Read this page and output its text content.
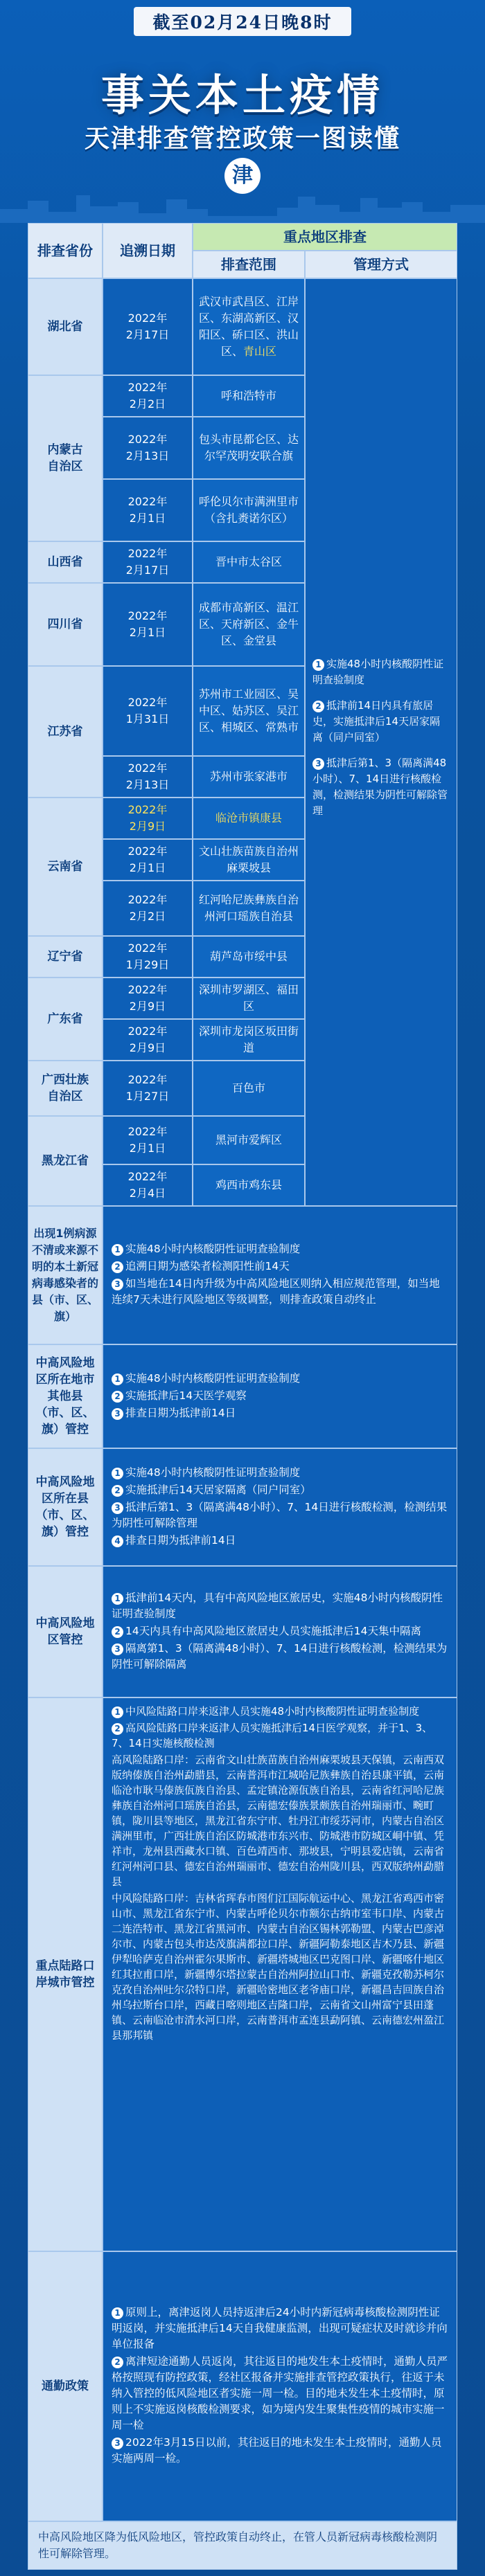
截至02月24日晚8时
事关本土疫情
天津排查管控政策一图读懂
津
排查省份	追溯日期
重点地区排查
排查范围	管理方式
湖北省
内蒙古
自治区
山西省
四川省
江苏省
云南省
辽宁省
广东省
广西壮族
自治区
黑龙江省
2022年
2月17日
2022年
2月2日
2022年
2月13日
2022年
2月1日
2022年
2月17日
2022年
2月1日
2022年
1月31日
2022年
2月13日
2022年
2月9日
2022年
2月1日
2022年
2月2日
2022年
1月29日
2022年
2月9日
2022年
2月9日
2022年
1月27日
2022年
2月1日
2022年
2月4日
武汉市武昌区、江岸区、东湖高新区、汉阳区、硚口区、洪山区、青山区
呼和浩特市
包头市昆都仑区、达尔罕茂明安联合旗
呼伦贝尔市满洲里市（含扎赉诺尔区）
晋中市太谷区
成都市高新区、温江区、天府新区、金牛区、金堂县
苏州市工业园区、吴中区、姑苏区、吴江区、相城区、常熟市
苏州市张家港市
临沧市镇康县
文山壮族苗族自治州麻栗坡县
红河哈尼族彝族自治州河口瑶族自治县
葫芦岛市绥中县
深圳市罗湖区、福田区
深圳市龙岗区坂田街道
百色市
黑河市爱辉区
鸡西市鸡东县
1 实施48小时内核酸阴性证明查验制度
2 抵津前14日内具有旅居史，实施抵津后14天居家隔离（同户同室）
3 抵津后第1、3（隔离满48小时）、7、14日进行核酸检测，检测结果为阴性可解除管理
出现1例病源不清或来源不明的本土新冠病毒感染者的县（市、区、旗）
1 实施48小时内核酸阴性证明查验制度
2 追溯日期为感染者检测阳性前14天
3 如当地在14日内升级为中高风险地区则纳入相应规范管理，如当地连续7天未进行风险地区等级调整，则排查政策自动终止
中高风险地区所在地市其他县（市、区、旗）管控
1 实施48小时内核酸阴性证明查验制度
2 实施抵津后14天医学观察
3 排查日期为抵津前14日
中高风险地区所在县（市、区、旗）管控
1 实施48小时内核酸阴性证明查验制度
2 实施抵津后14天居家隔离（同户同室）
3 抵津后第1、3（隔离满48小时）、7、14日进行核酸检测，检测结果为阴性可解除管理
4 排查日期为抵津前14日
中高风险地区管控
1 抵津前14天内，具有中高风险地区旅居史，实施48小时内核酸阴性证明查验制度
2 14天内具有中高风险地区旅居史人员实施抵津后14天集中隔离
3 隔离第1、3（隔离满48小时）、7、14日进行核酸检测，检测结果为阴性可解除隔离
重点陆路口岸城市管控
1 中风险陆路口岸来返津人员实施48小时内核酸阴性证明查验制度
2 高风险陆路口岸来返津人员实施抵津后14日医学观察，并于1、3、7、14日实施核酸检测
高风险陆路口岸：云南省文山壮族苗族自治州麻栗坡县天保镇，云南西双版纳傣族自治州勐腊县，云南普洱市江城哈尼族彝族自治县康平镇，云南临沧市耿马傣族佤族自治县、孟定镇沧源佤族自治县，云南省红河哈尼族彝族自治州河口瑶族自治县，云南德宏傣族景颇族自治州瑞丽市、畹町镇，陇川县等地区，黑龙江省东宁市、牡丹江市绥芬河市，内蒙古自治区满洲里市，广西壮族自治区防城港市东兴市、防城港市防城区峒中镇、凭祥市，龙州县西藏水口镇、百色靖西市、那坡县，宁明县爱店镇，云南省红河州河口县、德宏自治州瑞丽市、德宏自治州陇川县，西双版纳州勐腊县
中风险陆路口岸：吉林省珲春市图们江国际航运中心、黑龙江省鸡西市密山市、黑龙江省东宁市、内蒙古呼伦贝尔市额尔古纳市室韦口岸、内蒙古二连浩特市、黑龙江省黑河市、内蒙古自治区锡林郭勒盟、内蒙古巴彦淖尔市、内蒙古包头市达茂旗满都拉口岸、新疆阿勒泰地区吉木乃县、新疆伊犁哈萨克自治州霍尔果斯市、新疆塔城地区巴克图口岸、新疆喀什地区红其拉甫口岸，新疆博尔塔拉蒙古自治州阿拉山口市、新疆克孜勒苏柯尔克孜自治州吐尔尕特口岸，新疆哈密地区老爷庙口岸，新疆昌吉回族自治州乌拉斯台口岸，西藏日喀则地区吉隆口岸，云南省文山州富宁县田蓬镇、云南临沧市清水河口岸，云南普洱市孟连县勐阿镇、云南德宏州盈江县那邦镇
通勤政策
1 原则上，离津返岗人员持返津后24小时内新冠病毒核酸检测阴性证明返岗，并实施抵津后14天自我健康监测，出现可疑症状及时就诊并向单位报备
2 离津短途通勤人员返岗，其往返目的地发生本土疫情时，通勤人员严格按照现有防控政策，经社区报备并实施排查管控政策执行，往返于未纳入管控的低风险地区者实施一周一检。目的地未发生本土疫情时，原则上不实施返岗核酸检测要求，如为境内发生聚集性疫情的城市实施一周一检
3 2022年3月15日以前，其往返目的地未发生本土疫情时，通勤人员实施两周一检。
中高风险地区降为低风险地区，管控政策自动终止，在管人员新冠病毒核酸检测阴性可解除管理。
